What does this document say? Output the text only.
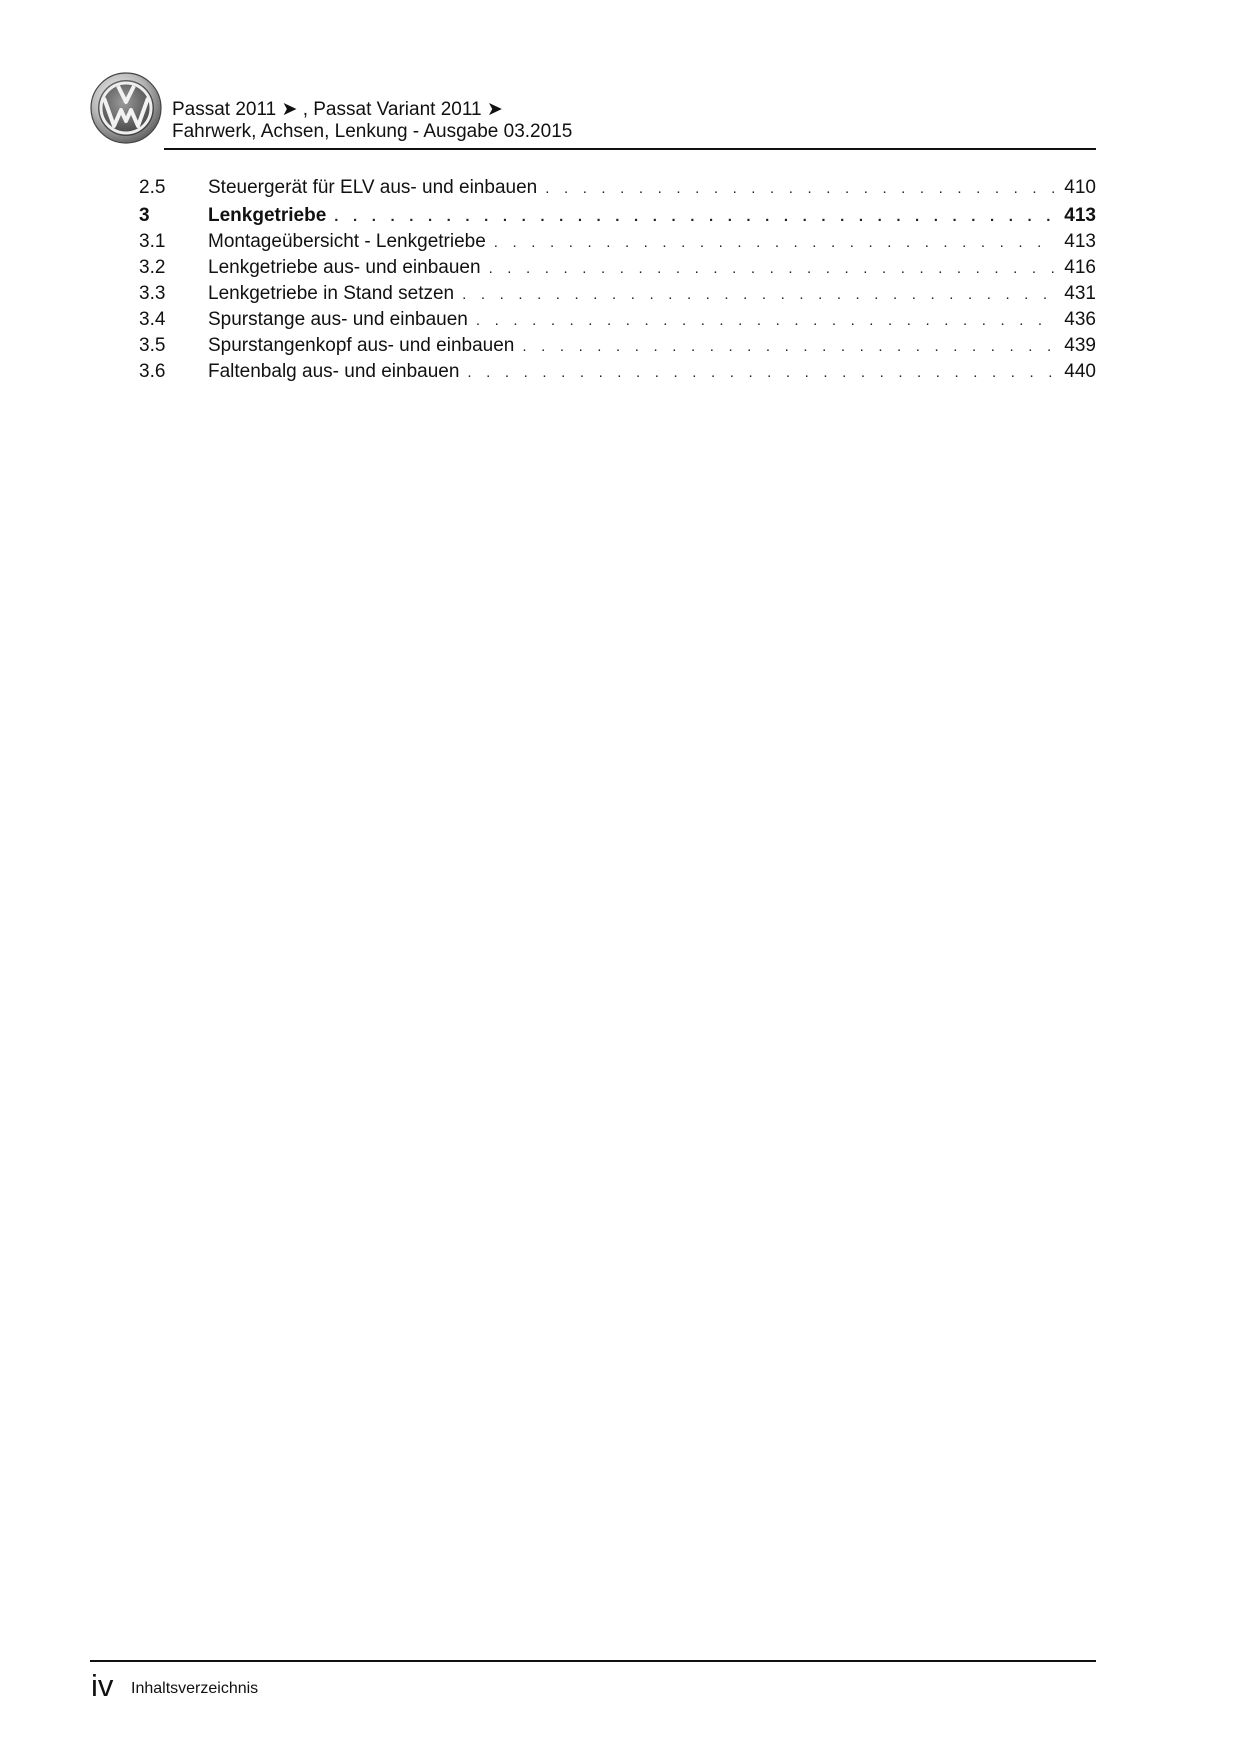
Passat 2011 ➤ , Passat Variant 2011 ➤
Fahrwerk, Achsen, Lenkung - Ausgabe 03.2015
2.5	Steuergerät für ELV aus- und einbauen . . .	410
3	Lenkgetriebe . . .	413
3.1	Montageübersicht - Lenkgetriebe . . .	413
3.2	Lenkgetriebe aus- und einbauen . . .	416
3.3	Lenkgetriebe in Stand setzen . . .	431
3.4	Spurstange aus- und einbauen . . .	436
3.5	Spurstangenkopf aus- und einbauen . . .	439
3.6	Faltenbalg aus- und einbauen . . .	440
iv Inhaltsverzeichnis
